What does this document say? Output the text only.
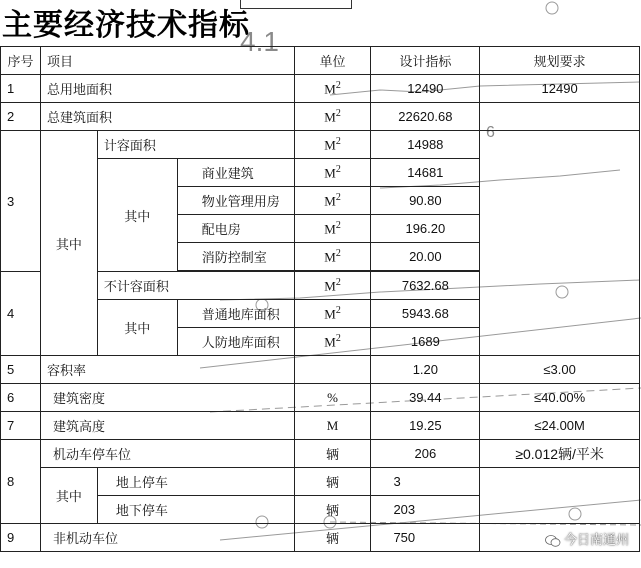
主要经济技术指标
4.1
6
序号	项目			单位	设计指标	规划要求	
1	总用地面积			$M^2$	12490	12490	
2	总建筑面积			$M^2$	22620.68		
3	其中	计容面积		$M^2$	14988		
		其中	商业建筑	$M^2$	14681		
			物业管理用房	$M^2$	90.80		
			配电房	$M^2$	196.20		
			消防控制室	$M^2$	20.00		

4		不计容面积		$M^2$	7632.68		
		其中	普通地库面积	$M^2$	5943.68		
			人防地库面积	$M^2$	1689		
5	容积率				1.20	≤3.00	
6	建筑密度			%	39.44	≤40.00%	
7	建筑高度			M	19.25	≤24.00M	
8	机动车停车位			辆	206	≥0.012辆/平米	
	其中	地上停车		辆	3		
		地下停车		辆	203		
9	非机动车位			辆	750			今日南通州
